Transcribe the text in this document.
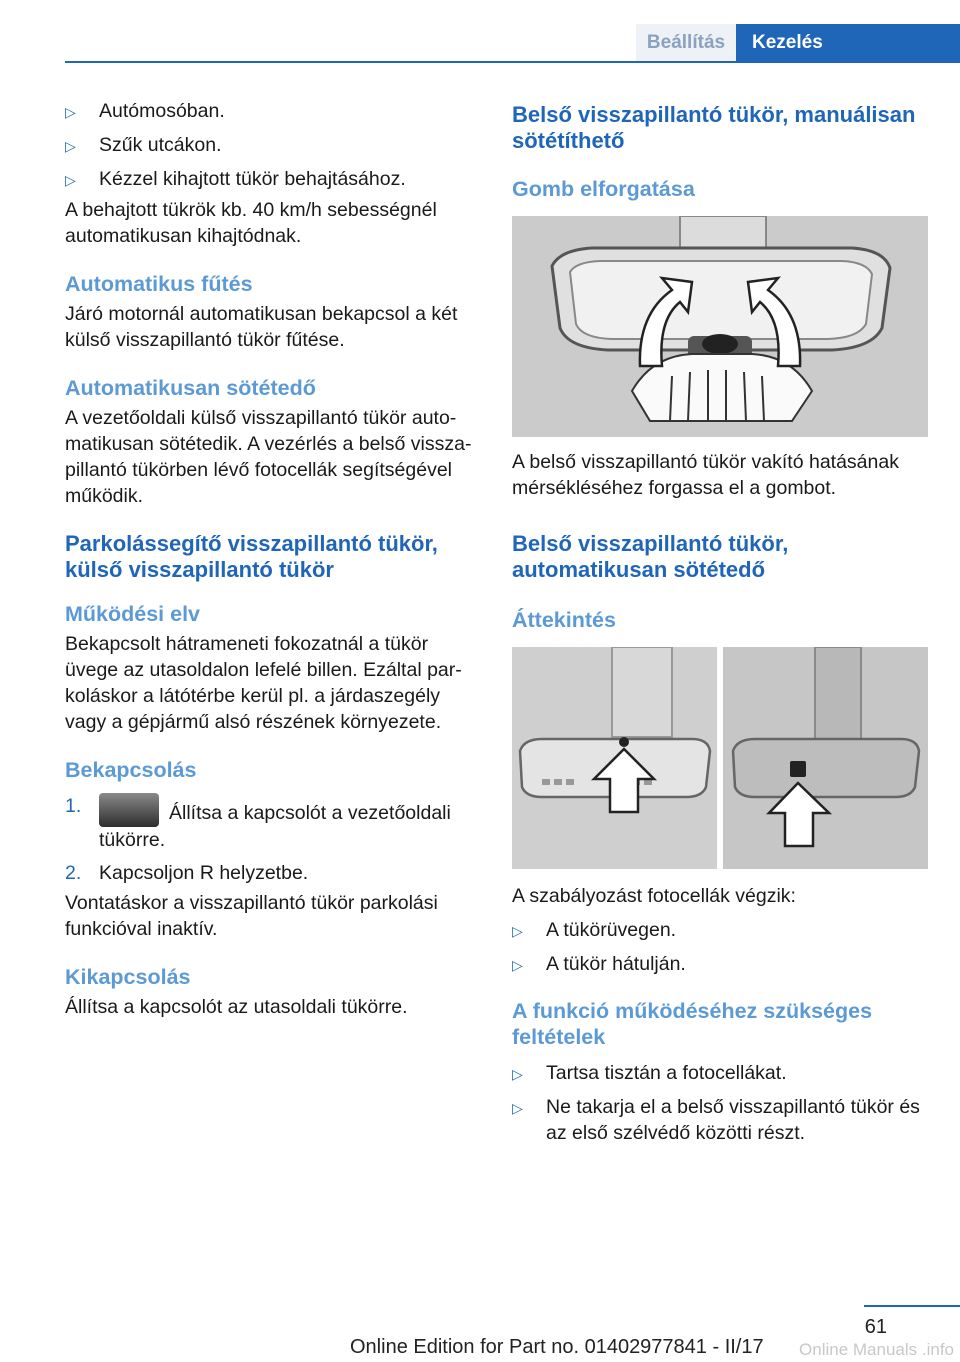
Beállítás	Kezelés
▷	Autómosóban.
▷	Szűk utcákon.
▷	Kézzel kihajtott tükör behajtásához.

A behajtott tükrök kb. 40 km/h sebességnél automatikusan kihajtódnak.

Automatikus fűtés

Járó motornál automatikusan bekapcsol a két külső visszapillantó tükör fűtése.

Automatikusan sötétedő

A vezetőoldali külső visszapillantó tükör auto-matikusan sötétedik. A vezérlés a belső vissza-pillantó tükörben lévő fotocellák segítségével működik.

Parkolássegítő visszapillantó tükör, külső visszapillantó tükör
Működési elv

Bekapcsolt hátrameneti fokozatnál a tükör üvege az utasoldalon lefelé billen. Ezáltal par-koláskor a látótérbe kerül pl. a járdaszegély vagy a gépjármű alsó részének környezete.

Bekapcsolás
1.	Állítsa a kapcsolót a vezetőoldali tükörre.
2. Kapcsoljon R helyzetbe.

Vontatáskor a visszapillantó tükör parkolási funkcióval inaktív.

Kikapcsolás

Állítsa a kapcsolót az utasoldali tükörre.

Belső visszapillantó tükör, manuálisan sötétíthető
Gomb elforgatása

A belső visszapillantó tükör vakító hatásának mérsékléséhez forgassa el a gombot.

Belső visszapillantó tükör, automatikusan sötétedő
Áttekintés

A szabályozást fotocellák végzik:

▷	A tükörüvegen.
▷	A tükör hátulján.
A funkció működéséhez szükséges feltételek
▷	Tartsa tisztán a fotocellákat.
▷	Ne takarja el a belső visszapillantó tükör és az első szélvédő közötti részt.
61
Online Edition for Part no. 01402977841 - II/17 Online Manuals .info
